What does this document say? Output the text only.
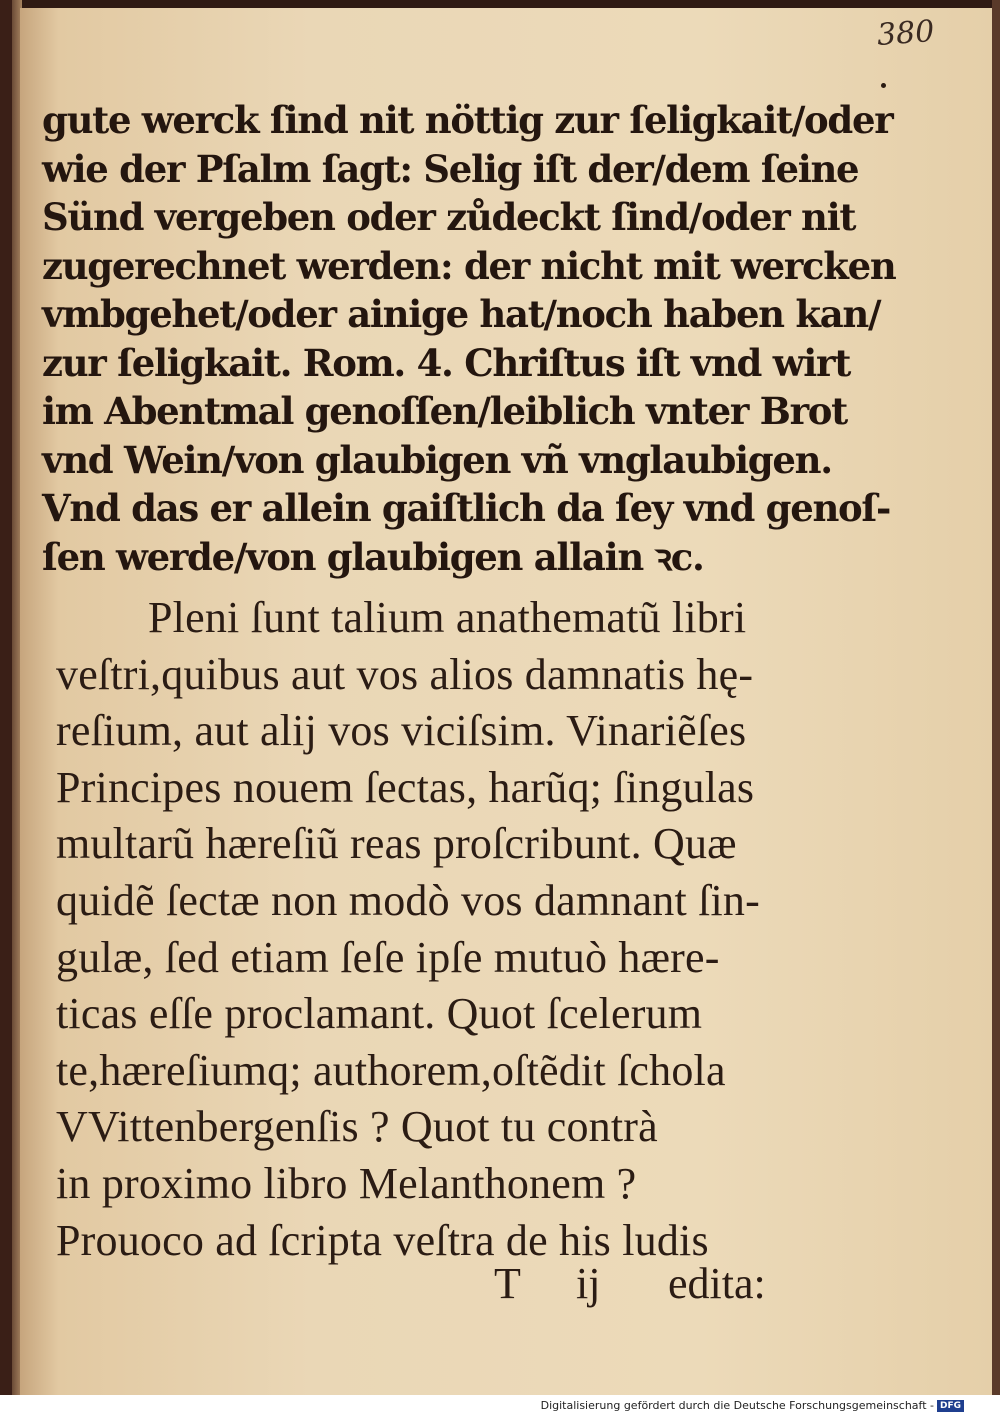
380
gute werck ſind nit nöttig zur ſeligkait/oder
wie der Pſalm ſagt: Selig iſt der/dem ſeine
Sünd vergeben oder zůdeckt ſind/oder nit
zugerechnet werden: der nicht mit wercken
vmbgehet/oder ainige hat/noch haben kan/
zur ſeligkait. Rom. 4. Chriſtus iſt vnd wirt
im Abentmal genoſſen/leiblich vnter Brot
vnd Wein/von glaubigen vñ vnglaubigen.
Vnd das er allein gaiſtlich da ſey vnd genoſ-
ſen werde/von glaubigen allain ꝛc.
Pleni ſunt talium anathematũ libri
veſtri,quibus aut vos alios damnatis hę-
reſium, aut alij vos viciſsim. Vinariẽſes
Principes nouem ſectas, harũq; ſingulas
multarũ hæreſiũ reas proſcribunt. Quæ
quidẽ ſectæ non modò vos damnant ſin-
gulæ, ſed etiam ſeſe ipſe mutuò hære-
ticas eſſe proclamant. Quot ſcelerum
te,hæreſiumq; authorem,oſtẽdit ſchola
VVittenbergenſis ? Quot tu contrà
in proximo libro Melanthonem ?
Prouoco ad ſcripta veſtra de his ludis
T ij edita:
Digitalisierung gefördert durch die Deutsche Forschungsgemeinschaft - DFG
